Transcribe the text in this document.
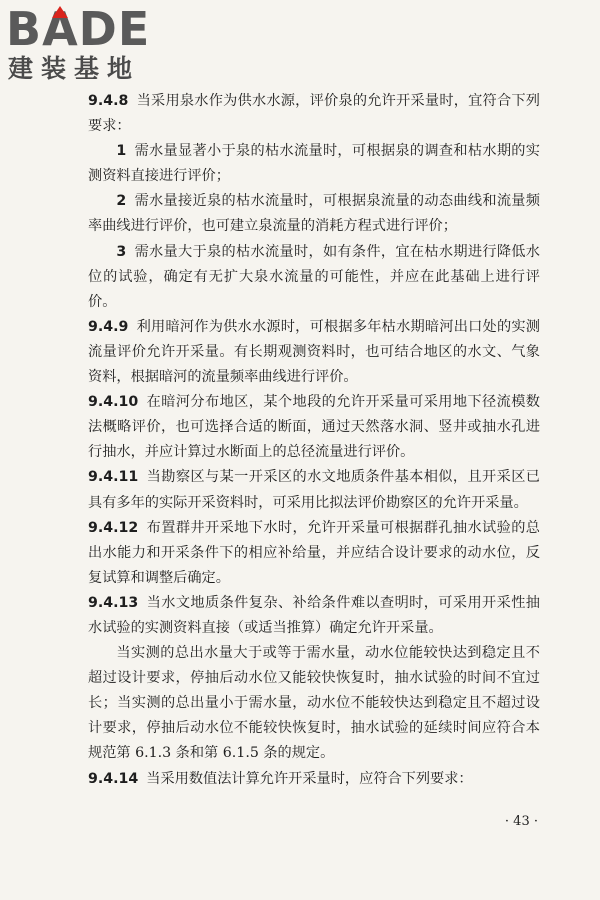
BA
DE
建装基地

9.4.8 当采用泉水作为供水水源，评价泉的允许开采量时，宜符合下列要求：

1 需水量显著小于泉的枯水流量时，可根据泉的调查和枯水期的实测资料直接进行评价；

2 需水量接近泉的枯水流量时，可根据泉流量的动态曲线和流量频率曲线进行评价，也可建立泉流量的消耗方程式进行评价；

3 需水量大于泉的枯水流量时，如有条件，宜在枯水期进行降低水位的试验，确定有无扩大泉水流量的可能性，并应在此基础上进行评价。

9.4.9 利用暗河作为供水水源时，可根据多年枯水期暗河出口处的实测流量评价允许开采量。有长期观测资料时，也可结合地区的水文、气象资料，根据暗河的流量频率曲线进行评价。

9.4.10 在暗河分布地区，某个地段的允许开采量可采用地下径流模数法概略评价，也可选择合适的断面，通过天然落水洞、竖井或抽水孔进行抽水，并应计算过水断面上的总径流量进行评价。

9.4.11 当勘察区与某一开采区的水文地质条件基本相似，且开采区已具有多年的实际开采资料时，可采用比拟法评价勘察区的允许开采量。

9.4.12 布置群井开采地下水时，允许开采量可根据群孔抽水试验的总出水能力和开采条件下的相应补给量，并应结合设计要求的动水位，反复试算和调整后确定。

9.4.13 当水文地质条件复杂、补给条件难以查明时，可采用开采性抽水试验的实测资料直接（或适当推算）确定允许开采量。

当实测的总出水量大于或等于需水量，动水位能较快达到稳定且不超过设计要求，停抽后动水位又能较快恢复时，抽水试验的时间不宜过长；当实测的总出量小于需水量，动水位不能较快达到稳定且不超过设计要求，停抽后动水位不能较快恢复时，抽水试验的延续时间应符合本规范第 6.1.3 条和第 6.1.5 条的规定。

9.4.14 当采用数值法计算允许开采量时，应符合下列要求：

· 43 ·
